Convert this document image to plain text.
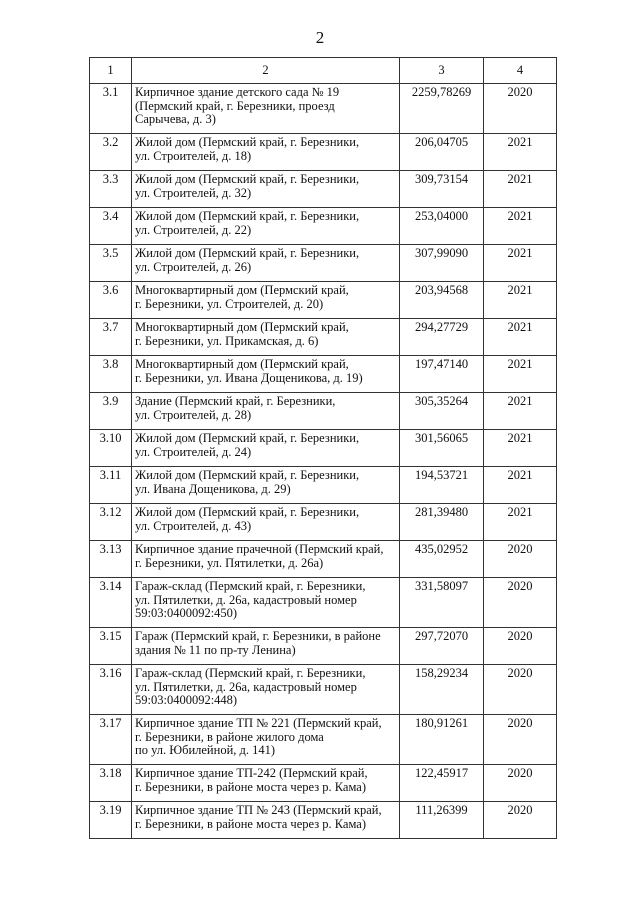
2
1	2	3	4
3.1	Кирпичное здание детского сада № 19
(Пермский край, г. Березники, проезд
Сарычева, д. 3)	2259,78269	2020
3.2	Жилой дом (Пермский край, г. Березники,
ул. Строителей, д. 18)	206,04705	2021
3.3	Жилой дом (Пермский край, г. Березники,
ул. Строителей, д. 32)	309,73154	2021
3.4	Жилой дом (Пермский край, г. Березники,
ул. Строителей, д. 22)	253,04000	2021
3.5	Жилой дом (Пермский край, г. Березники,
ул. Строителей, д. 26)	307,99090	2021
3.6	Многоквартирный дом (Пермский край,
г. Березники, ул. Строителей, д. 20)	203,94568	2021
3.7	Многоквартирный дом (Пермский край,
г. Березники, ул. Прикамская, д. 6)	294,27729	2021
3.8	Многоквартирный дом (Пермский край,
г. Березники, ул. Ивана Дощеникова, д. 19)	197,47140	2021
3.9	Здание (Пермский край, г. Березники,
ул. Строителей, д. 28)	305,35264	2021
3.10	Жилой дом (Пермский край, г. Березники,
ул. Строителей, д. 24)	301,56065	2021
3.11	Жилой дом (Пермский край, г. Березники,
ул. Ивана Дощеникова, д. 29)	194,53721	2021
3.12	Жилой дом (Пермский край, г. Березники,
ул. Строителей, д. 43)	281,39480	2021
3.13	Кирпичное здание прачечной (Пермский край,
г. Березники, ул. Пятилетки, д. 26а)	435,02952	2020
3.14	Гараж-склад (Пермский край, г. Березники,
ул. Пятилетки, д. 26а, кадастровый номер
59:03:0400092:450)	331,58097	2020
3.15	Гараж (Пермский край, г. Березники, в районе
здания № 11 по пр-ту Ленина)	297,72070	2020
3.16	Гараж-склад (Пермский край, г. Березники,
ул. Пятилетки, д. 26а, кадастровый номер
59:03:0400092:448)	158,29234	2020
3.17	Кирпичное здание ТП № 221 (Пермский край,
г. Березники, в районе жилого дома
по ул. Юбилейной, д. 141)	180,91261	2020
3.18	Кирпичное здание ТП-242 (Пермский край,
г. Березники, в районе моста через р. Кама)	122,45917	2020
3.19	Кирпичное здание ТП № 243 (Пермский край,
г. Березники, в районе моста через р. Кама)	111,26399	2020
